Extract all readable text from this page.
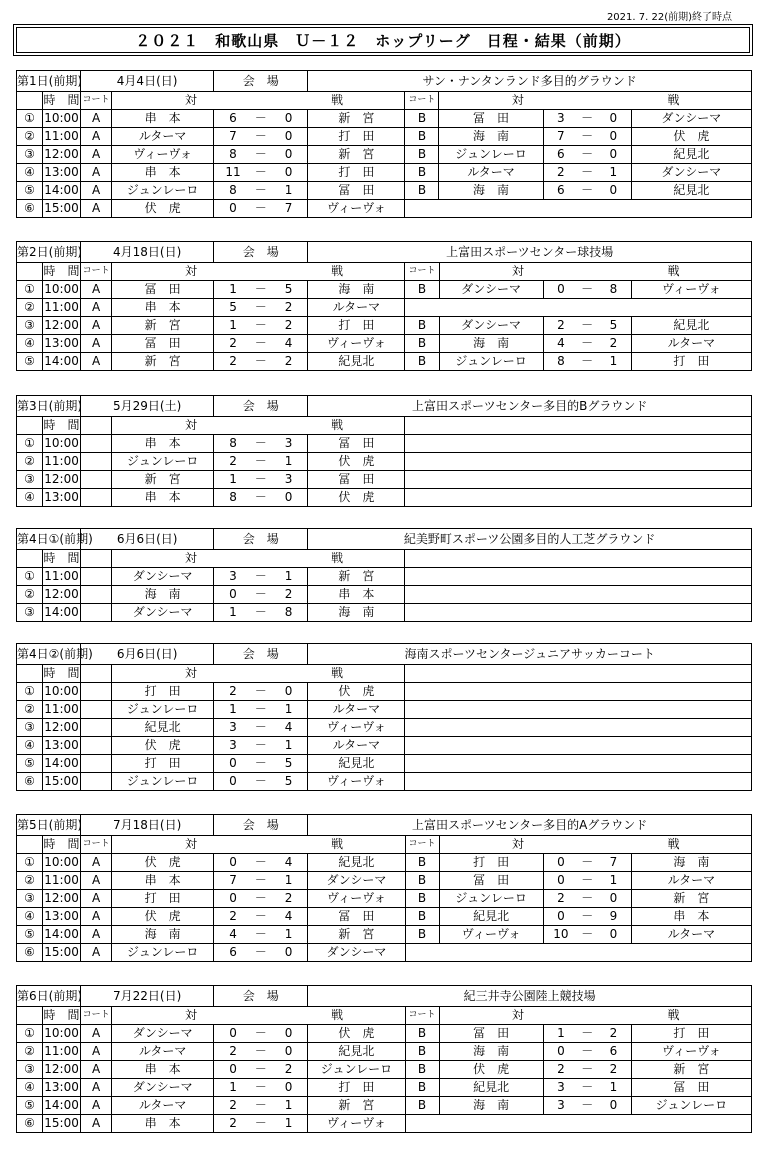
2021. 7. 22(前期)終了時点
２０２１　和歌山県　Ｕ－１２　ホップリーグ　日程・結果（前期）
第1日(前期)		4月4日(日)		会　場			サン・ナンタンランド多目的グラウンド						
	時　間	コート	対			戦		コート	対			戦	
①	10:00	A	串　本	6	－	0	新　宮	B	冨　田	3	－	0	ダンシーマ
②	11:00	A	ルターマ	7	－	0	打　田	B	海　南	7	－	0	伏　虎
③	12:00	A	ヴィーヴォ	8	－	0	新　宮	B	ジュンレーロ	6	－	0	紀見北
④	13:00	A	串　本	11	－	0	打　田	B	ルターマ	2	－	1	ダンシーマ
⑤	14:00	A	ジュンレーロ	8	－	1	冨　田	B	海　南	6	－	0	紀見北
⑥	15:00	A	伏　虎	0	－	7	ヴィーヴォ						
第2日(前期)		4月18日(日)		会　場			上富田スポーツセンター球技場						
	時　間	コート	対			戦		コート	対			戦	
①	10:00	A	冨　田	1	－	5	海　南	B	ダンシーマ	0	－	8	ヴィーヴォ
②	11:00	A	串　本	5	－	2	ルターマ						
③	12:00	A	新　宮	1	－	2	打　田	B	ダンシーマ	2	－	5	紀見北
④	13:00	A	冨　田	2	－	4	ヴィーヴォ	B	海　南	4	－	2	ルターマ
⑤	14:00	A	新　宮	2	－	2	紀見北	B	ジュンレーロ	8	－	1	打　田
第3日(前期)		5月29日(土)		会　場			上富田スポーツセンター多目的Bグラウンド	
	時　間		対			戦		
①	10:00		串　本	8	－	3	冨　田	
②	11:00		ジュンレーロ	2	－	1	伏　虎	
③	12:00		新　宮	1	－	3	冨　田	
④	13:00		串　本	8	－	0	伏　虎	
第4日①(前期)		6月6日(日)		会　場			紀美野町スポーツ公園多目的人工芝グラウンド	
	時　間		対			戦		
①	11:00		ダンシーマ	3	－	1	新　宮	
②	12:00		海　南	0	－	2	串　本	
③	14:00		ダンシーマ	1	－	8	海　南	
第4日②(前期)		6月6日(日)		会　場			海南スポーツセンタージュニアサッカーコート	
	時　間		対			戦		
①	10:00		打　田	2	－	0	伏　虎	
②	11:00		ジュンレーロ	1	－	1	ルターマ	
③	12:00		紀見北	3	－	4	ヴィーヴォ	
④	13:00		伏　虎	3	－	1	ルターマ	
⑤	14:00		打　田	0	－	5	紀見北	
⑥	15:00		ジュンレーロ	0	－	5	ヴィーヴォ	
第5日(前期)		7月18日(日)		会　場			上富田スポーツセンター多目的Aグラウンド						
	時　間	コート	対			戦		コート	対			戦	
①	10:00	A	伏　虎	0	－	4	紀見北	B	打　田	0	－	7	海　南
②	11:00	A	串　本	7	－	1	ダンシーマ	B	冨　田	0	－	1	ルターマ
③	12:00	A	打　田	0	－	2	ヴィーヴォ	B	ジュンレーロ	2	－	0	新　宮
④	13:00	A	伏　虎	2	－	4	冨　田	B	紀見北	0	－	9	串　本
⑤	14:00	A	海　南	4	－	1	新　宮	B	ヴィーヴォ	10	－	0	ルターマ
⑥	15:00	A	ジュンレーロ	6	－	0	ダンシーマ						
第6日(前期)		7月22日(日)		会　場			紀三井寺公園陸上競技場						
	時　間	コート	対			戦		コート	対			戦	
①	10:00	A	ダンシーマ	0	－	0	伏　虎	B	冨　田	1	－	2	打　田
②	11:00	A	ルターマ	2	－	0	紀見北	B	海　南	0	－	6	ヴィーヴォ
③	12:00	A	串　本	0	－	2	ジュンレーロ	B	伏　虎	2	－	2	新　宮
④	13:00	A	ダンシーマ	1	－	0	打　田	B	紀見北	3	－	1	冨　田
⑤	14:00	A	ルターマ	2	－	1	新　宮	B	海　南	3	－	0	ジュンレーロ
⑥	15:00	A	串　本	2	－	1	ヴィーヴォ						
